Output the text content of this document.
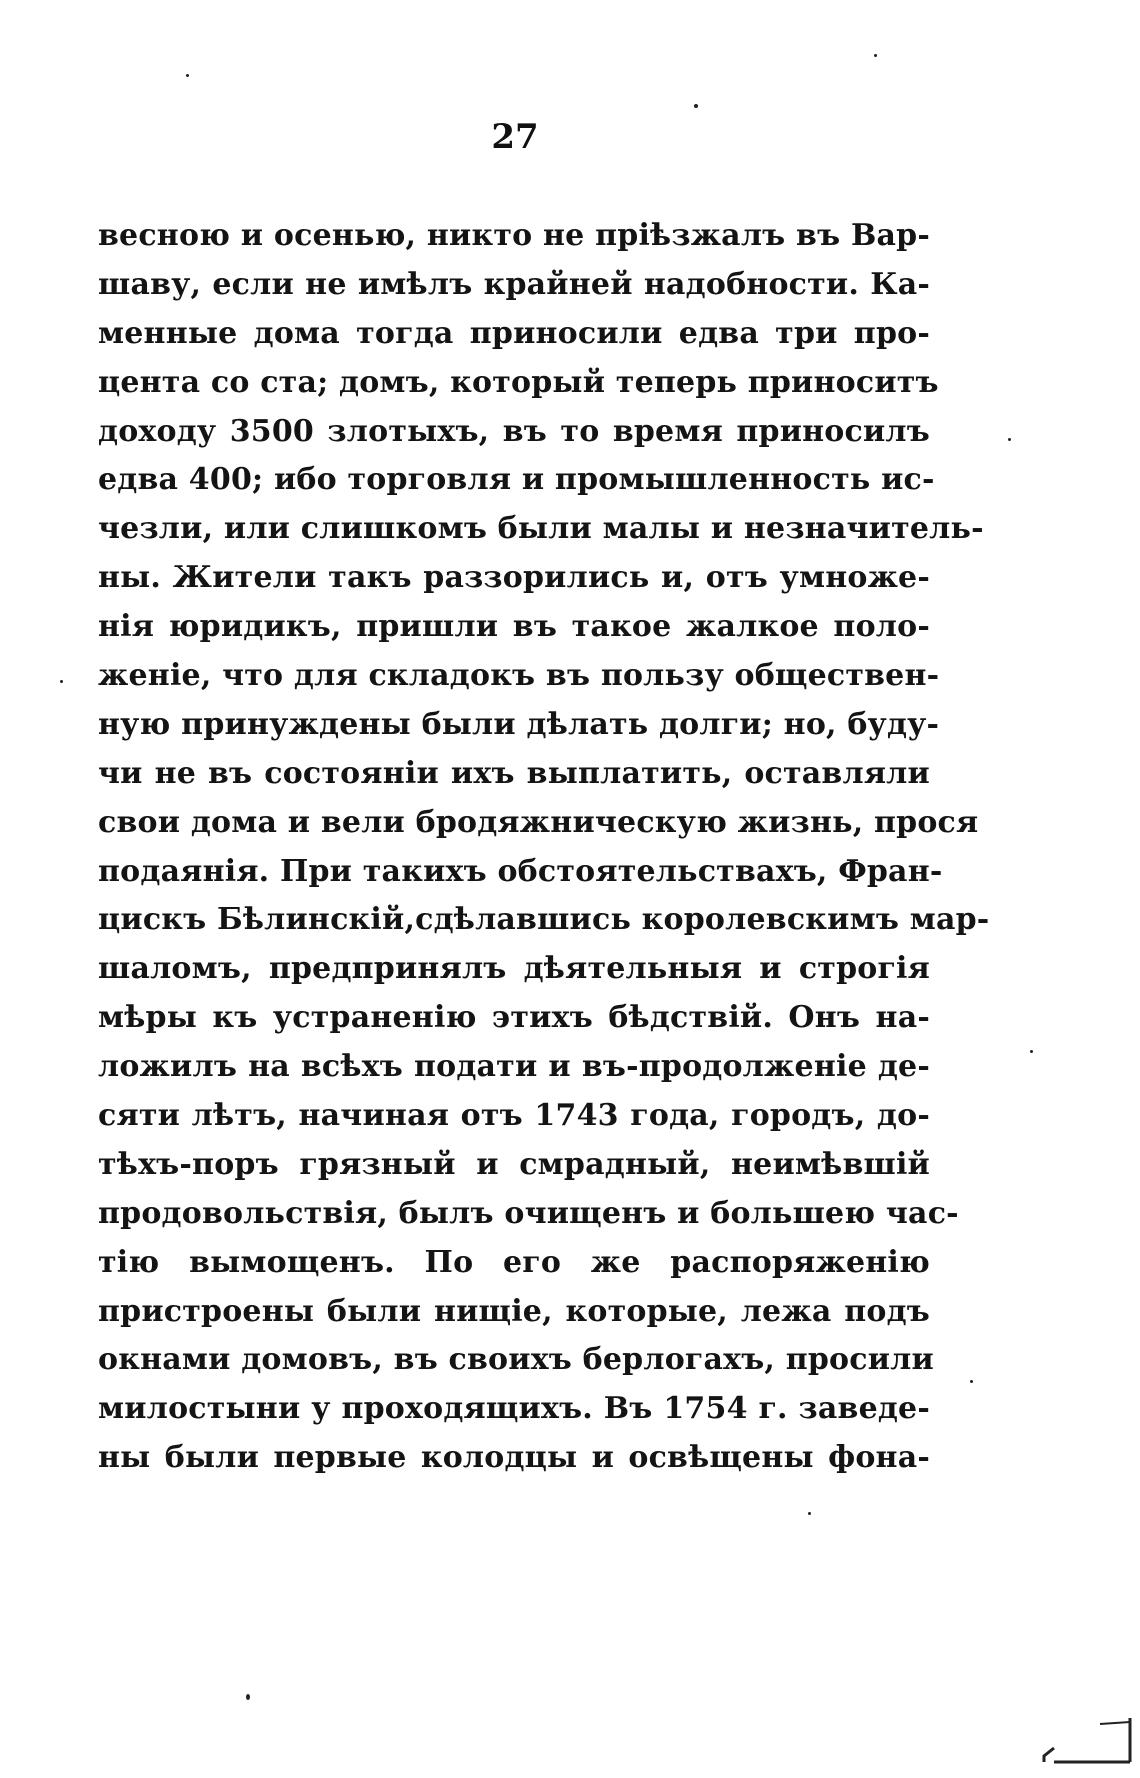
27
весною и осенью, никто не прiѣзжалъ въ Вар-
шаву, если не имѣлъ крайней надобности. Ка-
менные дома тогда приносили едва три про-
цента со ста; домъ, который теперь приноситъ
доходу 3500 злотыхъ, въ то время приносилъ
едва 400; ибо торговля и промышленность ис-
чезли, или слишкомъ были малы и незначитель-
ны. Жители такъ раззорились и, отъ умноже-
нiя юридикъ, пришли въ такое жалкое поло-
женiе, что для складокъ въ пользу обществен-
ную принуждены были дѣлать долги; но, буду-
чи не въ состоянiи ихъ выплатить, оставляли
свои дома и вели бродяжническую жизнь, прося
подаянiя. При такихъ обстоятельствахъ, Фран-
цискъ Бѣлинскiй,сдѣлавшись королевскимъ мар-
шаломъ, предпринялъ дѣятельныя и строгiя
мѣры къ устраненiю этихъ бѣдствiй. Онъ на-
ложилъ на всѣхъ подати и въ-продолженiе де-
сяти лѣтъ, начиная отъ 1743 года, городъ, до-
тѣхъ-поръ грязный и смрадный, неимѣвшiй
продовольствiя, былъ очищенъ и большею час-
тiю вымощенъ. По его же распоряженiю
пристроены были нищiе, которые, лежа подъ
окнами домовъ, въ своихъ берлогахъ, просили
милостыни у проходящихъ. Въ 1754 г. заведе-
ны были первые колодцы и освѣщены фона-
